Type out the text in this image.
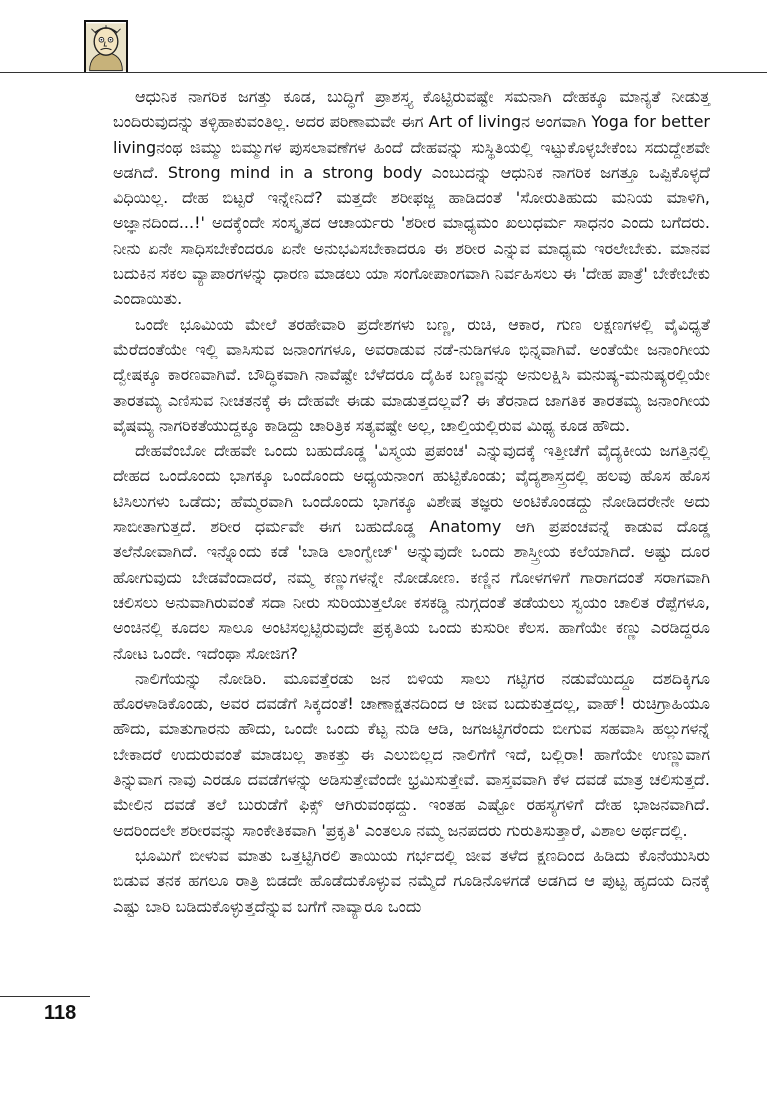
ಆಧುನಿಕ ನಾಗರಿಕ ಜಗತ್ತು ಕೂಡ, ಬುದ್ಧಿಗೆ ಪ್ರಾಶಸ್ತ್ಯ ಕೊಟ್ಟಿರುವಷ್ಟೇ ಸಮನಾಗಿ ದೇಹಕ್ಕೂ ಮಾನ್ಯತೆ ನೀಡುತ್ತ ಬಂದಿರುವುದನ್ನು ತಳ್ಳಿಹಾಕುವಂತಿಲ್ಲ. ಅದರ ಪರಿಣಾಮವೇ ಈಗ Art of livingನ ಅಂಗವಾಗಿ Yoga for better livingನಂಥ ಜಿಮ್ಮು ಬಿಮ್ಮುಗಳ ಪುಸಲಾವಣೆಗಳ ಹಿಂದೆ ದೇಹವನ್ನು ಸುಸ್ಥಿತಿಯಲ್ಲಿ ಇಟ್ಟುಕೊಳ್ಳಬೇಕೆಂಬ ಸದುದ್ದೇಶವೇ ಅಡಗಿದೆ. Strong mind in a strong body ಎಂಬುದನ್ನು ಆಧುನಿಕ ನಾಗರಿಕ ಜಗತ್ತೂ ಒಪ್ಪಿಕೊಳ್ಳದೆ ವಿಧಿಯಿಲ್ಲ. ದೇಹ ಬಿಟ್ಟರೆ ಇನ್ನೇನಿದೆ? ಮತ್ತದೇ ಶರೀಫಜ್ಜ ಹಾಡಿದಂತೆ 'ಸೋರುತಿಹುದು ಮನಿಯ ಮಾಳಿಗಿ, ಅಜ್ಞಾನದಿಂದ...!' ಅದಕ್ಕೆಂದೇ ಸಂಸ್ಕೃತದ ಆಚಾರ್ಯರು 'ಶರೀರ ಮಾಧ್ಯಮಂ ಖಲುಧರ್ಮ ಸಾಧನಂ ಎಂದು ಬಗೆದರು. ನೀನು ಏನೇ ಸಾಧಿಸಬೇಕೆಂದರೂ ಏನೇ ಅನುಭವಿಸಬೇಕಾದರೂ ಈ ಶರೀರ ಎನ್ನುವ ಮಾಧ್ಯಮ ಇರಲೇಬೇಕು. ಮಾನವ ಬದುಕಿನ ಸಕಲ ವ್ಯಾಪಾರಗಳನ್ನು ಧಾರಣ ಮಾಡಲು ಯಾ ಸಂಗೋಪಾಂಗವಾಗಿ ನಿರ್ವಹಿಸಲು ಈ 'ದೇಹ ಪಾತ್ರೆ' ಬೇಕೇಬೇಕು ಎಂದಾಯಿತು.

ಒಂದೇ ಭೂಮಿಯ ಮೇಲೆ ತರಹೇವಾರಿ ಪ್ರದೇಶಗಳು ಬಣ್ಣ, ರುಚಿ, ಆಕಾರ, ಗುಣ ಲಕ್ಷಣಗಳಲ್ಲಿ ವೈವಿಧ್ಯತೆ ಮೆರೆದಂತೆಯೇ ಇಲ್ಲಿ ವಾಸಿಸುವ ಜನಾಂಗಗಳೂ, ಅವರಾಡುವ ನಡೆ-ನುಡಿಗಳೂ ಭಿನ್ನವಾಗಿವೆ. ಅಂತೆಯೇ ಜನಾಂಗೀಯ ದ್ವೇಷಕ್ಕೂ ಕಾರಣವಾಗಿವೆ. ಬೌದ್ಧಿಕವಾಗಿ ನಾವೆಷ್ಟೇ ಬೆಳೆದರೂ ದೈಹಿಕ ಬಣ್ಣವನ್ನು ಅನುಲಕ್ಷಿಸಿ ಮನುಷ್ಯ-ಮನುಷ್ಯರಲ್ಲಿಯೇ ತಾರತಮ್ಯ ಎಣಿಸುವ ನೀಚತನಕ್ಕೆ ಈ ದೇಹವೇ ಈಡು ಮಾಡುತ್ತದಲ್ಲವೆ? ಈ ತೆರನಾದ ಜಾಗತಿಕ ತಾರತಮ್ಯ ಜನಾಂಗೀಯ ವೈಷಮ್ಯ ನಾಗರಿಕತೆಯುದ್ದಕ್ಕೂ ಕಾಡಿದ್ದು ಚಾರಿತ್ರಿಕ ಸತ್ಯವಷ್ಟೇ ಅಲ್ಲ, ಚಾಲ್ತಿಯಲ್ಲಿರುವ ಮಿಥ್ಯ ಕೂಡ ಹೌದು.

ದೇಹವೆಂಬೋ ದೇಹವೇ ಒಂದು ಬಹುದೊಡ್ಡ 'ವಿಸ್ಮಯ ಪ್ರಪಂಚ' ಎನ್ನುವುದಕ್ಕೆ ಇತ್ತೀಚೆಗೆ ವೈದ್ಯಕೀಯ ಜಗತ್ತಿನಲ್ಲಿ ದೇಹದ ಒಂದೊಂದು ಭಾಗಕ್ಕೂ ಒಂದೊಂದು ಅಧ್ಯಯನಾಂಗ ಹುಟ್ಟಿಕೊಂಡು; ವೈದ್ಯಶಾಸ್ತ್ರದಲ್ಲಿ ಹಲವು ಹೊಸ ಹೊಸ ಟಿಸಿಲುಗಳು ಒಡೆದು; ಹೆಮ್ಮರವಾಗಿ ಒಂದೊಂದು ಭಾಗಕ್ಕೂ ವಿಶೇಷ ತಜ್ಞರು ಅಂಟಿಕೊಂಡದ್ದು ನೋಡಿದರೇನೇ ಅದು ಸಾಬೀತಾಗುತ್ತದೆ. ಶರೀರ ಧರ್ಮವೇ ಈಗ ಬಹುದೊಡ್ಡ Anatomy ಆಗಿ ಪ್ರಪಂಚವನ್ನೆ ಕಾಡುವ ದೊಡ್ಡ ತಲೆನೋವಾಗಿದೆ. ಇನ್ನೊಂದು ಕಡೆ 'ಬಾಡಿ ಲಾಂಗ್ವೇಜ್' ಅನ್ನುವುದೇ ಒಂದು ಶಾಸ್ತ್ರೀಯ ಕಲೆಯಾಗಿದೆ. ಅಷ್ಟು ದೂರ ಹೋಗುವುದು ಬೇಡವೆಂದಾದರೆ, ನಮ್ಮ ಕಣ್ಣುಗಳನ್ನೇ ನೋಡೋಣ. ಕಣ್ಣಿನ ಗೋಳಗಳಿಗೆ ಗಾರಾಗದಂತೆ ಸರಾಗವಾಗಿ ಚಲಿಸಲು ಅನುವಾಗಿರುವಂತೆ ಸದಾ ನೀರು ಸುರಿಯುತ್ತಲೋ ಕಸಕಡ್ಡಿ ನುಗ್ಗದಂತೆ ತಡೆಯಲು ಸ್ವಯಂ ಚಾಲಿತ ರೆಪ್ಪೆಗಳೂ, ಅಂಚಿನಲ್ಲಿ ಕೂದಲ ಸಾಲೂ ಅಂಟಿಸಲ್ಪಟ್ಟಿರುವುದೇ ಪ್ರಕೃತಿಯ ಒಂದು ಕುಸುರೀ ಕೆಲಸ. ಹಾಗೆಯೇ ಕಣ್ಣು ಎರಡಿದ್ದರೂ ನೋಟ ಒಂದೇ. ಇದೆಂಥಾ ಸೋಜಿಗ?

ನಾಲಿಗೆಯನ್ನು ನೋಡಿರಿ. ಮೂವತ್ತೆರಡು ಜನ ಬಿಳಿಯ ಸಾಲು ಗಟ್ಟಿಗರ ನಡುವೆಯಿದ್ದೂ ದಶದಿಕ್ಕಿಗೂ ಹೊರಳಾಡಿಕೊಂಡು, ಅವರ ದವಡೆಗೆ ಸಿಕ್ಕದಂತೆ! ಚಾಣಾಕ್ಷತನದಿಂದ ಆ ಜೀವ ಬದುಕುತ್ತದಲ್ಲ, ವಾಹ್! ರುಚಿಗ್ರಾಹಿಯೂ ಹೌದು, ಮಾತುಗಾರನು ಹೌದು, ಒಂದೇ ಒಂದು ಕೆಟ್ಟ ನುಡಿ ಆಡಿ, ಜಗಜಟ್ಟಿಗರೆಂದು ಬೀಗುವ ಸಹವಾಸಿ ಹಲ್ಲುಗಳನ್ನೆ ಬೇಕಾದರೆ ಉದುರುವಂತೆ ಮಾಡಬಲ್ಲ ತಾಕತ್ತು ಈ ಎಲುಬಿಲ್ಲದ ನಾಲಿಗೆಗೆ ಇದೆ, ಬಲ್ಲಿರಾ! ಹಾಗೆಯೇ ಉಣ್ಣುವಾಗ ತಿನ್ನುವಾಗ ನಾವು ಎರಡೂ ದವಡೆಗಳನ್ನು ಅಡಿಸುತ್ತೇವೆಂದೇ ಭ್ರಮಿಸುತ್ತೇವೆ. ವಾಸ್ತವವಾಗಿ ಕೆಳ ದವಡೆ ಮಾತ್ರ ಚಲಿಸುತ್ತದೆ. ಮೇಲಿನ ದವಡೆ ತಲೆ ಬುರುಡೆಗೆ ಫಿಕ್ಸ್ ಆಗಿರುವಂಥದ್ದು. ಇಂತಹ ಎಷ್ಟೋ ರಹಸ್ಯಗಳಿಗೆ ದೇಹ ಭಾಜನವಾಗಿದೆ. ಅದರಿಂದಲೇ ಶರೀರವನ್ನು ಸಾಂಕೇತಿಕವಾಗಿ 'ಪ್ರಕೃತಿ' ಎಂತಲೂ ನಮ್ಮ ಜನಪದರು ಗುರುತಿಸುತ್ತಾರೆ, ವಿಶಾಲ ಅರ್ಥದಲ್ಲಿ.

ಭೂಮಿಗೆ ಬೀಳುವ ಮಾತು ಒತ್ತಟ್ಟಿಗಿರಲಿ ತಾಯಿಯ ಗರ್ಭದಲ್ಲಿ ಜೀವ ತಳೆದ ಕ್ಷಣದಿಂದ ಹಿಡಿದು ಕೊನೆಯುಸಿರು ಬಿಡುವ ತನಕ ಹಗಲೂ ರಾತ್ರಿ ಬಿಡದೇ ಹೊಡೆದುಕೊಳ್ಳುವ ನಮ್ಮೆದೆ ಗೂಡಿನೊಳಗಡೆ ಅಡಗಿದ ಆ ಪುಟ್ಟ ಹೃದಯ ದಿನಕ್ಕೆ ಎಷ್ಟು ಬಾರಿ ಬಡಿದುಕೊಳ್ಳುತ್ತದೆನ್ನುವ ಬಗೆಗೆ ನಾವ್ಯಾರೂ ಒಂದು

118
